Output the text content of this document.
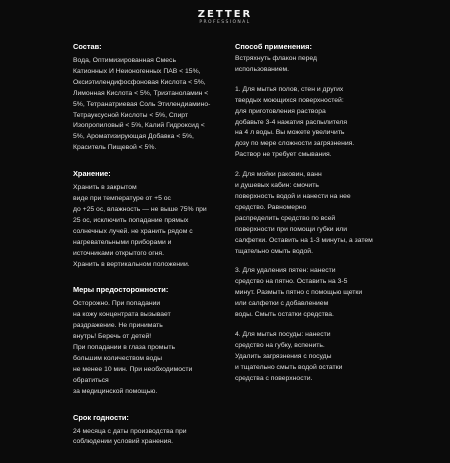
ZETTER
PROFESSIONAL
Состав:

Вода, Оптимизированная Смесь
Катионных И Неионогенных ПАВ < 15%,
Оксиэтилендифосфоновая Кислота < 5%,
Лимонная Кислота < 5%, Триэтаноламин <
5%, Тетранатриевая Соль Этилендиамино-
Тетрауксусной Кислоты < 5%, Спирт
Изопропиловый < 5%, Калий Гидроксид <
5%, Ароматизирующая Добавка < 5%,
Краситель Пищевой < 5%.

Хранение:

Хранить в закрытом
виде при температуре от +5 ос
до +25 ос, влажность — не выше 75% при
25 ос, исключить попадание прямых
солнечных лучей. не хранить рядом с
нагревательными приборами и
источниками открытого огня.
Хранить в вертикальном положении.

Меры предосторожности:

Осторожно. При попадании
на кожу концентрата вызывает
раздражение. Не принимать
внутрь! Беречь от детей!
При попадании в глаза промыть
большим количеством воды
не менее 10 мин. При необходимости
обратиться
за медицинской помощью.

Срок годности:

24 месяца с даты производства при
соблюдении условий хранения.

Способ применения:

Встряхнуть флакон перед
использованием.

1. Для мытья полов, стен и других
твердых моющихся поверхностей:
для приготовления раствора
добавьте 3-4 нажатия распылителя
на 4 л воды. Вы можете увеличить
дозу по мере сложности загрязнения.
Раствор не требует смывания.

2. Для мойки раковин, ванн
и душевых кабин: смочить
поверхность водой и нанести на нее
средство. Равномерно
распределить средство по всей
поверхности при помощи губки или
салфетки. Оставить на 1-3 минуты, а затем
тщательно смыть водой.

3. Для удаления пятен: нанести
средство на пятно. Оставить на 3-5
минут. Размыть пятно с помощью щетки
или салфетки с добавлением
воды. Смыть остатки средства.

4. Для мытья посуды: нанести
средство на губку, вспенить.
Удалить загрязнения с посуды
и тщательно смыть водой остатки
средства с поверхности.
